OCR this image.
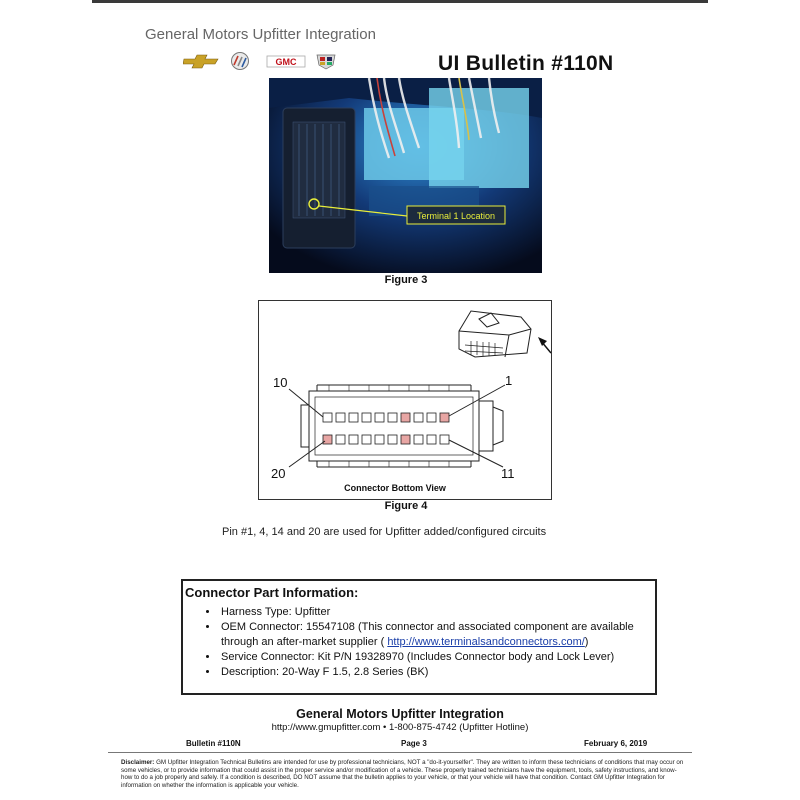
General Motors Upfitter Integration
GMC	UI Bulletin #110N
Terminal 1 Location
Figure 3
10	1
20	11
Connector Bottom View
Figure 4
Pin #1, 4, 14 and 20 are used for Upfitter added/configured circuits
Connector Part Information:
• Harness Type: Upfitter
• OEM Connector: 15547108 (This connector and associated component are available through an after-market supplier ( http://www.terminalsandconnectors.com/)
• Service Connector: Kit P/N 19328970 (Includes Connector body and Lock Lever)
• Description: 20-Way F 1.5, 2.8 Series (BK)
General Motors Upfitter Integration
http://www.gmupfitter.com • 1-800-875-4742 (Upfitter Hotline)
Bulletin #110N	Page 3	February 6, 2019
Disclaimer: GM Upfitter Integration Technical Bulletins are intended for use by professional technicians, NOT a "do-it-yourselfer". They are written to inform these technicians of conditions that may occur on some vehicles, or to provide information that could assist in the proper service and/or modification of a vehicle. These properly trained technicians have the equipment, tools, safety instructions, and know-how to do a job properly and safely. If a condition is described, DO NOT assume that the bulletin applies to your vehicle, or that your vehicle will have that condition. Contact GM Upfitter Integration for information on whether the information is applicable your vehicle.
